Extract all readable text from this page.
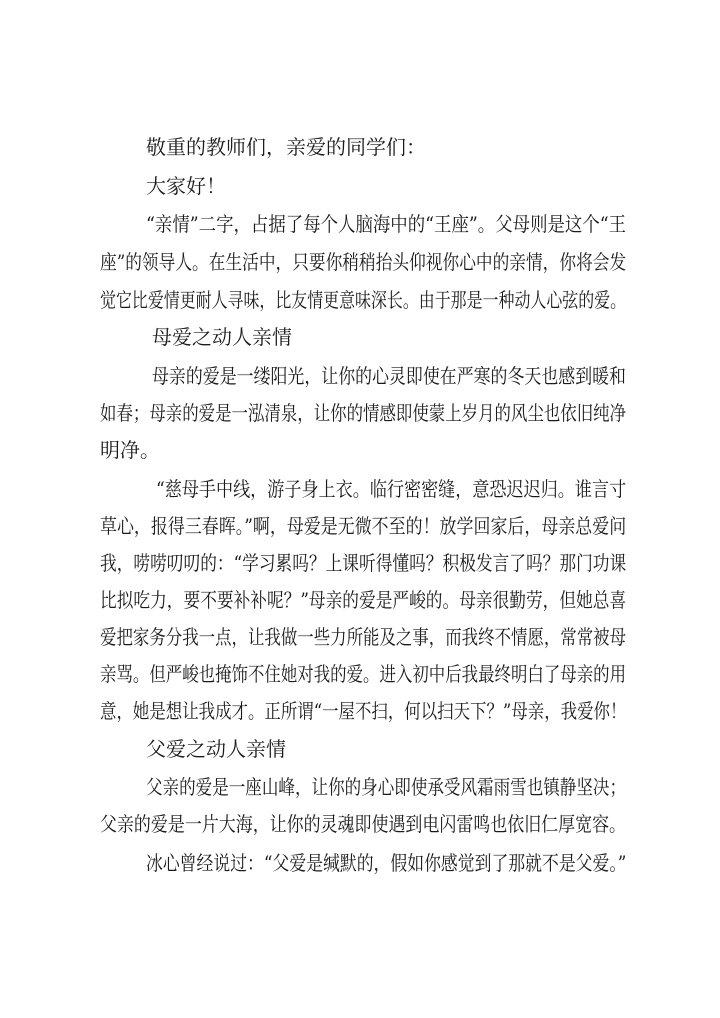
敬重的教师们，亲爱的同学们：
大家好！
“亲情”二字，占据了每个人脑海中的“王座”。父母则是这个“王
座”的领导人。在生活中，只要你稍稍抬头仰视你心中的亲情，你将会发
觉它比爱情更耐人寻味，比友情更意味深长。由于那是一种动人心弦的爱。
母爱之动人亲情
母亲的爱是一缕阳光，让你的心灵即使在严寒的冬天也感到暖和
如春；母亲的爱是一泓清泉，让你的情感即使蒙上岁月的风尘也依旧纯净
明净。
“慈母手中线，游子身上衣。临行密密缝，意恐迟迟归。谁言寸
草心，报得三春晖。”啊，母爱是无微不至的！放学回家后，母亲总爱问
我，唠唠叨叨的：“学习累吗？上课听得懂吗？积极发言了吗？那门功课
比拟吃力，要不要补补呢？”母亲的爱是严峻的。母亲很勤劳，但她总喜
爱把家务分我一点，让我做一些力所能及之事，而我终不情愿，常常被母
亲骂。但严峻也掩饰不住她对我的爱。进入初中后我最终明白了母亲的用
意，她是想让我成才。正所谓“一屋不扫，何以扫天下？”母亲，我爱你！
父爱之动人亲情
父亲的爱是一座山峰，让你的身心即使承受风霜雨雪也镇静坚决；
父亲的爱是一片大海，让你的灵魂即使遇到电闪雷鸣也依旧仁厚宽容。
冰心曾经说过：“父爱是缄默的，假如你感觉到了那就不是父爱。”
